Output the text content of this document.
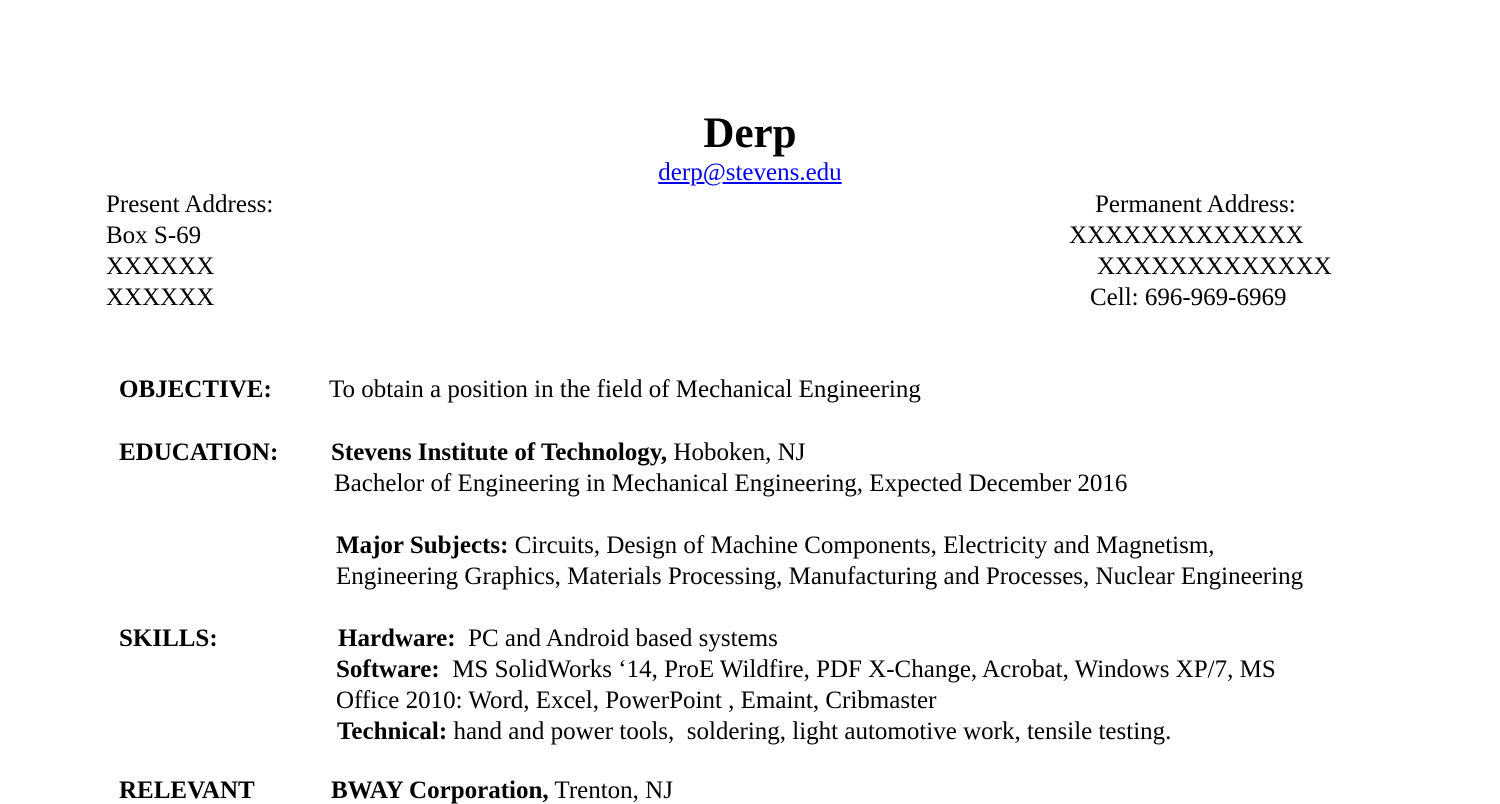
Derp
derp@stevens.edu
Present Address:
Box S-69
XXXXXX
XXXXXX
Permanent Address:
XXXXXXXXXXXXX
XXXXXXXXXXXXX
Cell: 696-969-6969
OBJECTIVE: To obtain a position in the field of Mechanical Engineering
EDUCATION: Stevens Institute of Technology, Hoboken, NJ
Bachelor of Engineering in Mechanical Engineering, Expected December 2016
Major Subjects: Circuits, Design of Machine Components, Electricity and Magnetism,
Engineering Graphics, Materials Processing, Manufacturing and Processes, Nuclear Engineering
SKILLS:	Hardware:  PC and Android based systems
Software:  MS SolidWorks ‘14, ProE Wildfire, PDF X-Change, Acrobat, Windows XP/7, MS
Office 2010: Word, Excel, PowerPoint , Emaint, Cribmaster
Technical: hand and power tools,  soldering, light automotive work, tensile testing.
RELEVANT	BWAY Corporation, Trenton, NJ
